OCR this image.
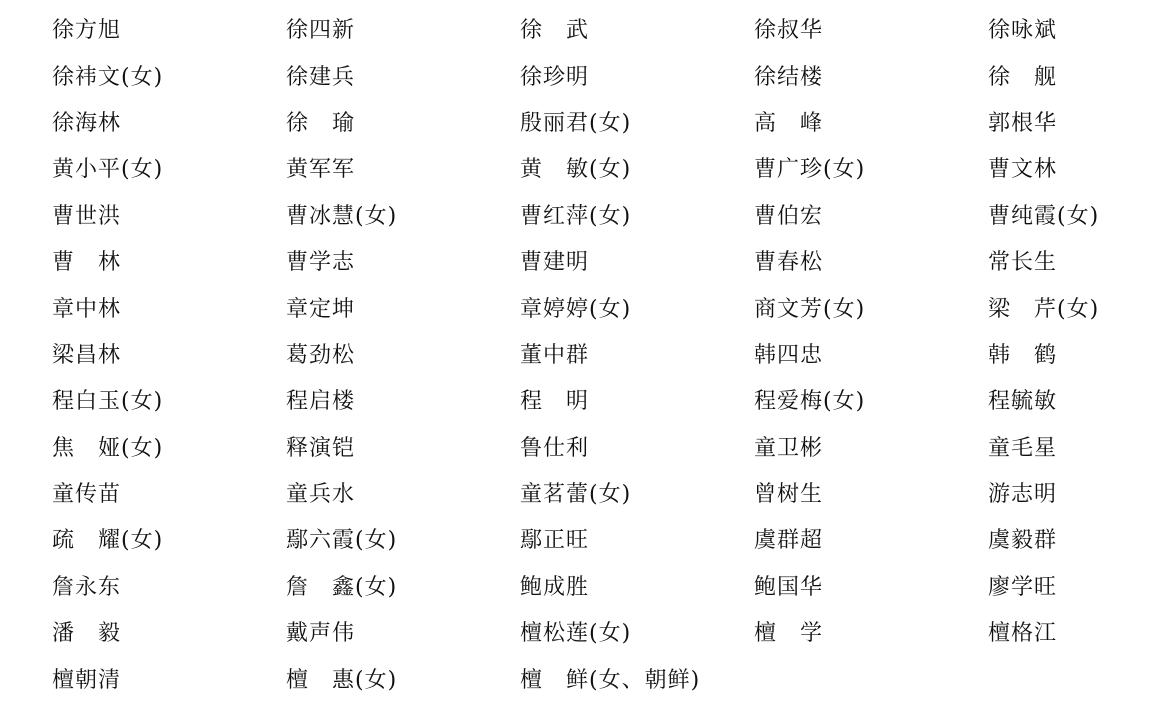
徐方旭	徐四新	徐　武	徐叔华	徐咏斌
徐祎文(女)	徐建兵	徐珍明	徐结楼	徐　舰
徐海林	徐　瑜	殷丽君(女)	高　峰	郭根华
黄小平(女)	黄军军	黄　敏(女)	曹广珍(女)	曹文林
曹世洪	曹冰慧(女)	曹红萍(女)	曹伯宏	曹纯霞(女)
曹　林	曹学志	曹建明	曹春松	常长生
章中林	章定坤	章婷婷(女)	商文芳(女)	梁　芹(女)
梁昌林	葛劲松	董中群	韩四忠	韩　鹤
程白玉(女)	程启楼	程　明	程爱梅(女)	程毓敏
焦　娅(女)	释演铠	鲁仕利	童卫彬	童毛星
童传苗	童兵水	童茗蕾(女)	曾树生	游志明
疏　耀(女)	鄢六霞(女)	鄢正旺	虞群超	虞毅群
詹永东	詹　鑫(女)	鲍成胜	鲍国华	廖学旺
潘　毅	戴声伟	檀松莲(女)	檀　学	檀格江
檀朝清	檀　惠(女)	檀　鲜(女、朝鲜)
